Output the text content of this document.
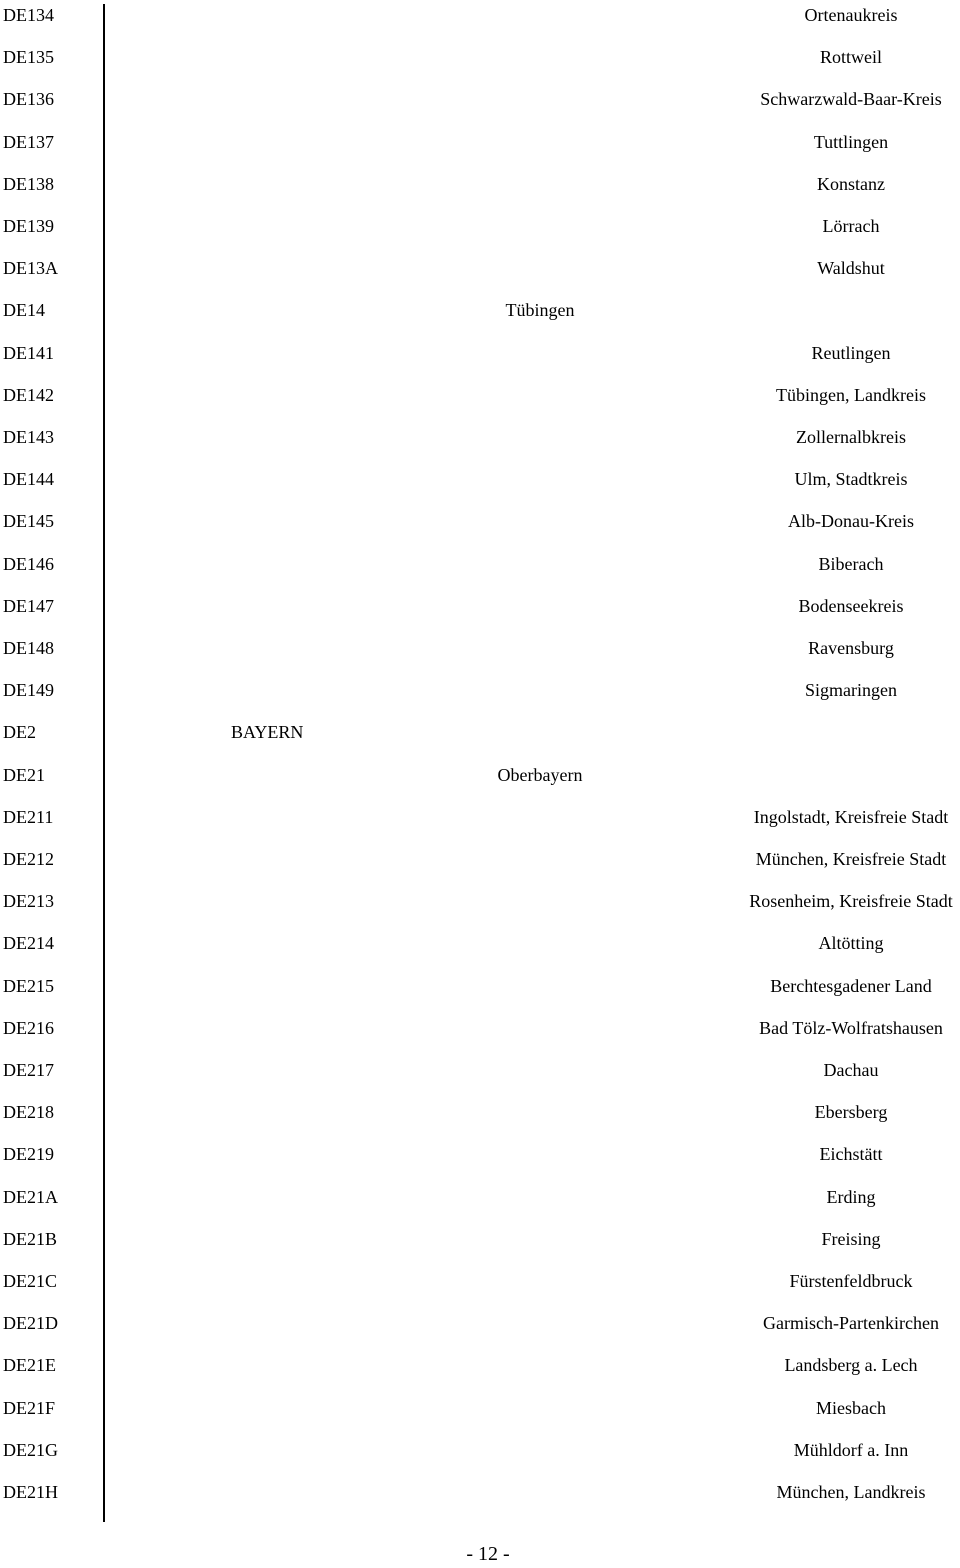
DE134	Ortenaukreis
DE135	Rottweil
DE136	Schwarzwald-Baar-Kreis
DE137	Tuttlingen
DE138	Konstanz
DE139	Lörrach
DE13A	Waldshut
DE14	Tübingen
DE141	Reutlingen
DE142	Tübingen, Landkreis
DE143	Zollernalbkreis
DE144	Ulm, Stadtkreis
DE145	Alb-Donau-Kreis
DE146	Biberach
DE147	Bodenseekreis
DE148	Ravensburg
DE149	Sigmaringen
DE2	BAYERN
DE21	Oberbayern
DE211	Ingolstadt, Kreisfreie Stadt
DE212	München, Kreisfreie Stadt
DE213	Rosenheim, Kreisfreie Stadt
DE214	Altötting
DE215	Berchtesgadener Land
DE216	Bad Tölz-Wolfratshausen
DE217	Dachau
DE218	Ebersberg
DE219	Eichstätt
DE21A	Erding
DE21B	Freising
DE21C	Fürstenfeldbruck
DE21D	Garmisch-Partenkirchen
DE21E	Landsberg a. Lech
DE21F	Miesbach
DE21G	Mühldorf a. Inn
DE21H	München, Landkreis
- 12 -
